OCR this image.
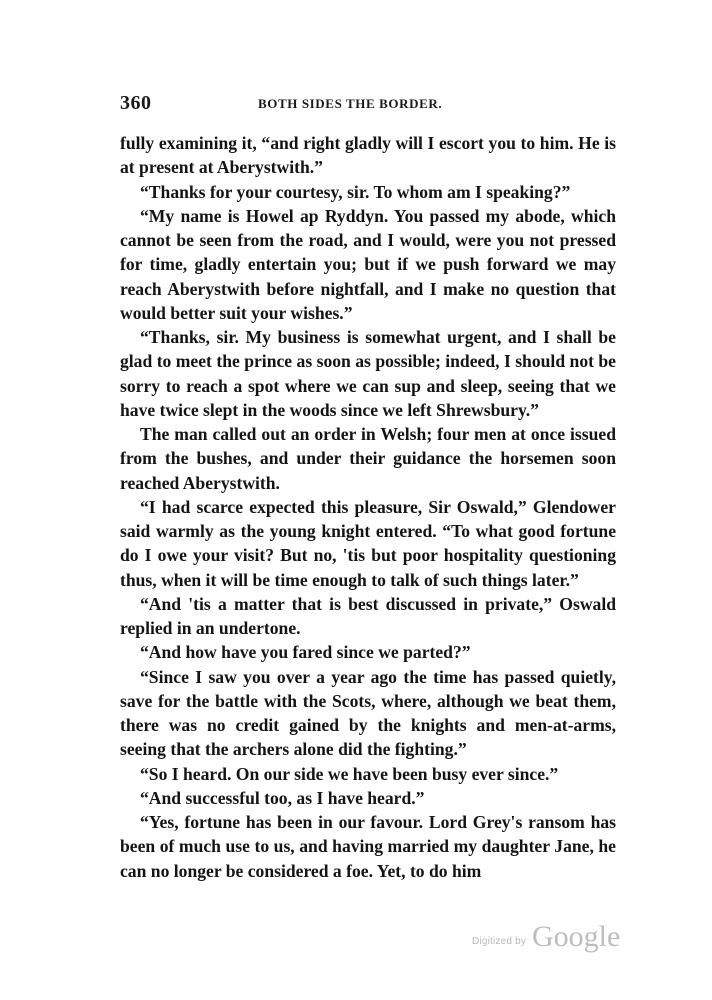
360	BOTH SIDES THE BORDER.

fully examining it, “and right gladly will I escort you to him. He is at present at Aberystwith.”

“Thanks for your courtesy, sir. To whom am I speaking?”

“My name is Howel ap Ryddyn. You passed my abode, which cannot be seen from the road, and I would, were you not pressed for time, gladly entertain you; but if we push forward we may reach Aberystwith before nightfall, and I make no question that would better suit your wishes.”

“Thanks, sir. My business is somewhat urgent, and I shall be glad to meet the prince as soon as possible; indeed, I should not be sorry to reach a spot where we can sup and sleep, seeing that we have twice slept in the woods since we left Shrewsbury.”

The man called out an order in Welsh; four men at once issued from the bushes, and under their guidance the horsemen soon reached Aberystwith.

“I had scarce expected this pleasure, Sir Oswald,” Glendower said warmly as the young knight entered. “To what good fortune do I owe your visit? But no, 'tis but poor hospitality questioning thus, when it will be time enough to talk of such things later.”

“And 'tis a matter that is best discussed in private,” Oswald replied in an undertone.

“And how have you fared since we parted?”

“Since I saw you over a year ago the time has passed quietly, save for the battle with the Scots, where, although we beat them, there was no credit gained by the knights and men-at-arms, seeing that the archers alone did the fighting.”

“So I heard. On our side we have been busy ever since.”

“And successful too, as I have heard.”

“Yes, fortune has been in our favour. Lord Grey's ransom has been of much use to us, and having married my daughter Jane, he can no longer be considered a foe. Yet, to do him

Digitized by Google
